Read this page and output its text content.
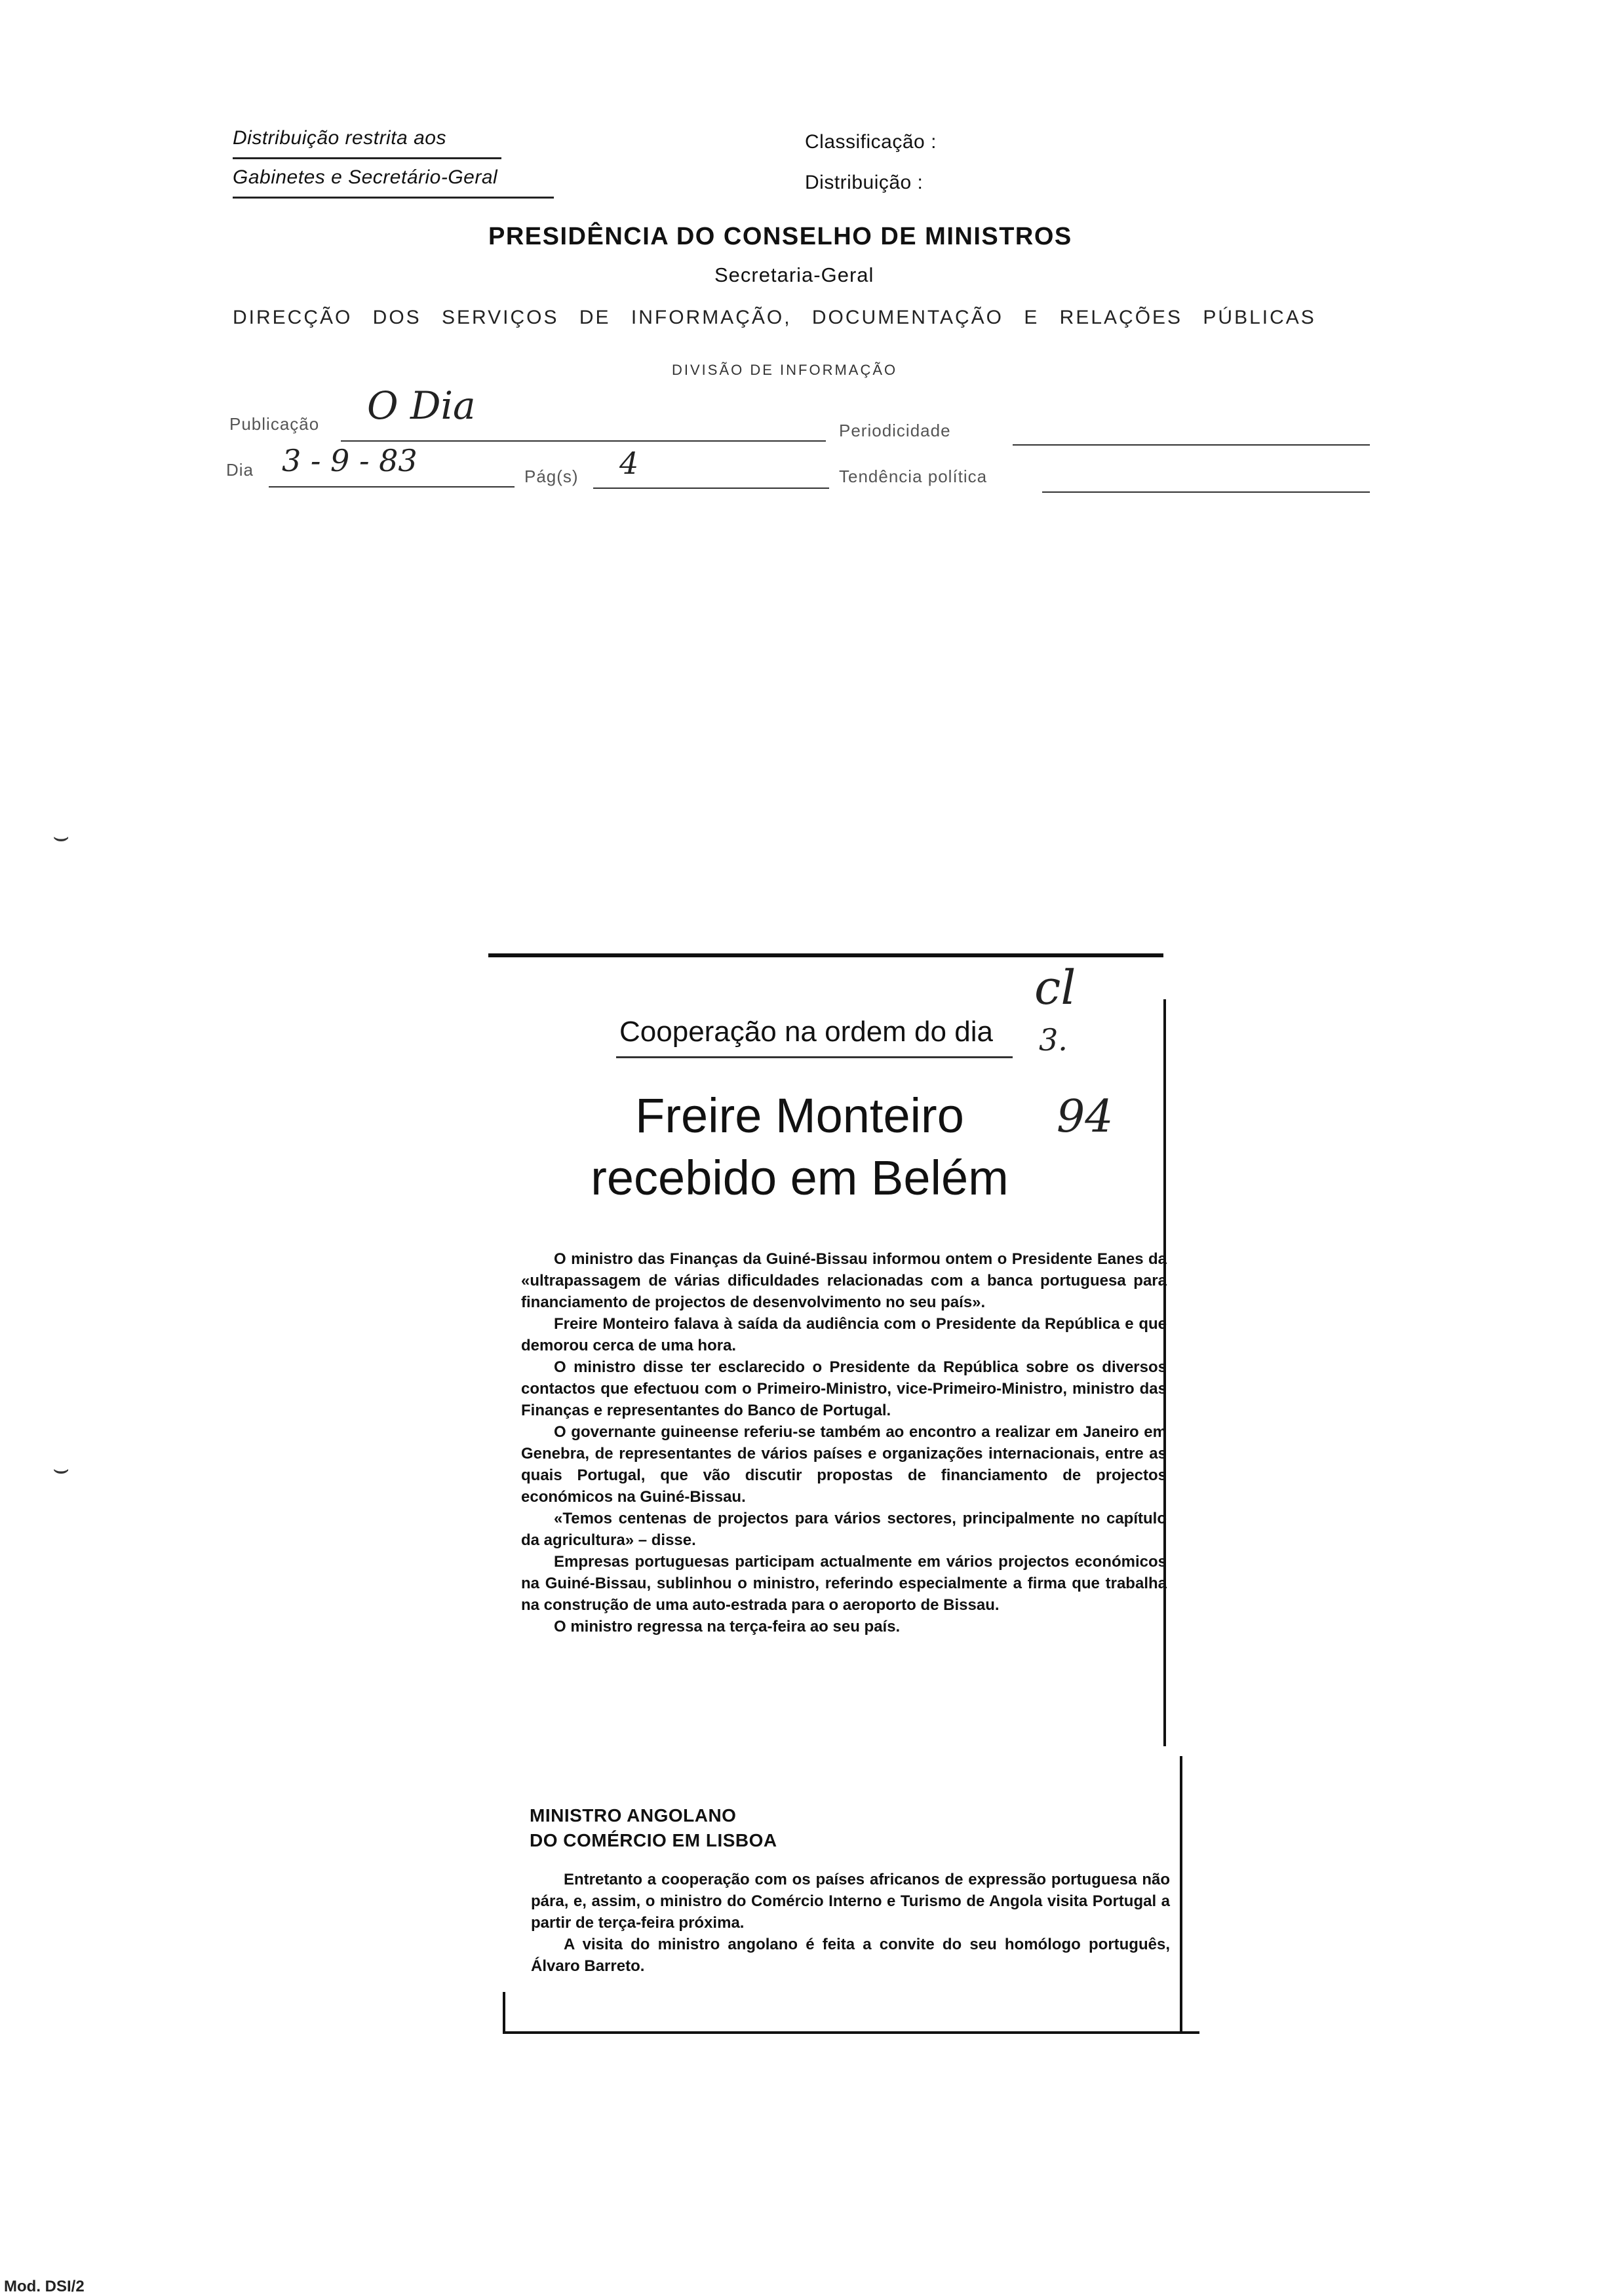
Distribuição restrita aos
Gabinetes e Secretário-Geral
Classificação :
Distribuição :
PRESIDÊNCIA DO CONSELHO DE MINISTROS
Secretaria-Geral
DIRECÇÃO DOS SERVIÇOS DE INFORMAÇÃO, DOCUMENTAÇÃO E RELAÇÕES PÚBLICAS
DIVISÃO DE INFORMAÇÃO
Publicação O Dia
Periodicidade
Dia 3 - 9 - 83	Pág(s) 4	Tendência política
⌣
⌣
Cooperação na ordem do dia
cl
3.
94
Freire Monteiro
recebido em Belém

O ministro das Finanças da Guiné-Bissau informou ontem o Presidente Eanes da «ultrapassagem de várias dificuldades relacionadas com a banca portuguesa para financiamento de projectos de desenvolvimento no seu país».

Freire Monteiro falava à saída da audiência com o Presidente da República e que demorou cerca de uma hora.

O ministro disse ter esclarecido o Presidente da República sobre os diversos contactos que efectuou com o Primeiro-Ministro, vice-Primeiro-Ministro, ministro das Finanças e representantes do Banco de Portugal.

O governante guineense referiu-se também ao encontro a realizar em Janeiro em Genebra, de representantes de vários países e organizações internacionais, entre as quais Portugal, que vão discutir propostas de financiamento de projectos económicos na Guiné-Bissau.

«Temos centenas de projectos para vários sectores, principalmente no capítulo da agricultura» – disse.

Empresas portuguesas participam actualmente em vários projectos económicos na Guiné-Bissau, sublinhou o ministro, referindo especialmente a firma que trabalha na construção de uma auto-estrada para o aeroporto de Bissau.

O ministro regressa na terça-feira ao seu país.

MINISTRO ANGOLANO
DO COMÉRCIO EM LISBOA

Entretanto a cooperação com os países africanos de expressão portuguesa não pára, e, assim, o ministro do Comércio Interno e Turismo de Angola visita Portugal a partir de terça-feira próxima.

A visita do ministro angolano é feita a convite do seu homólogo português, Álvaro Barreto.

Mod. DSI/2
